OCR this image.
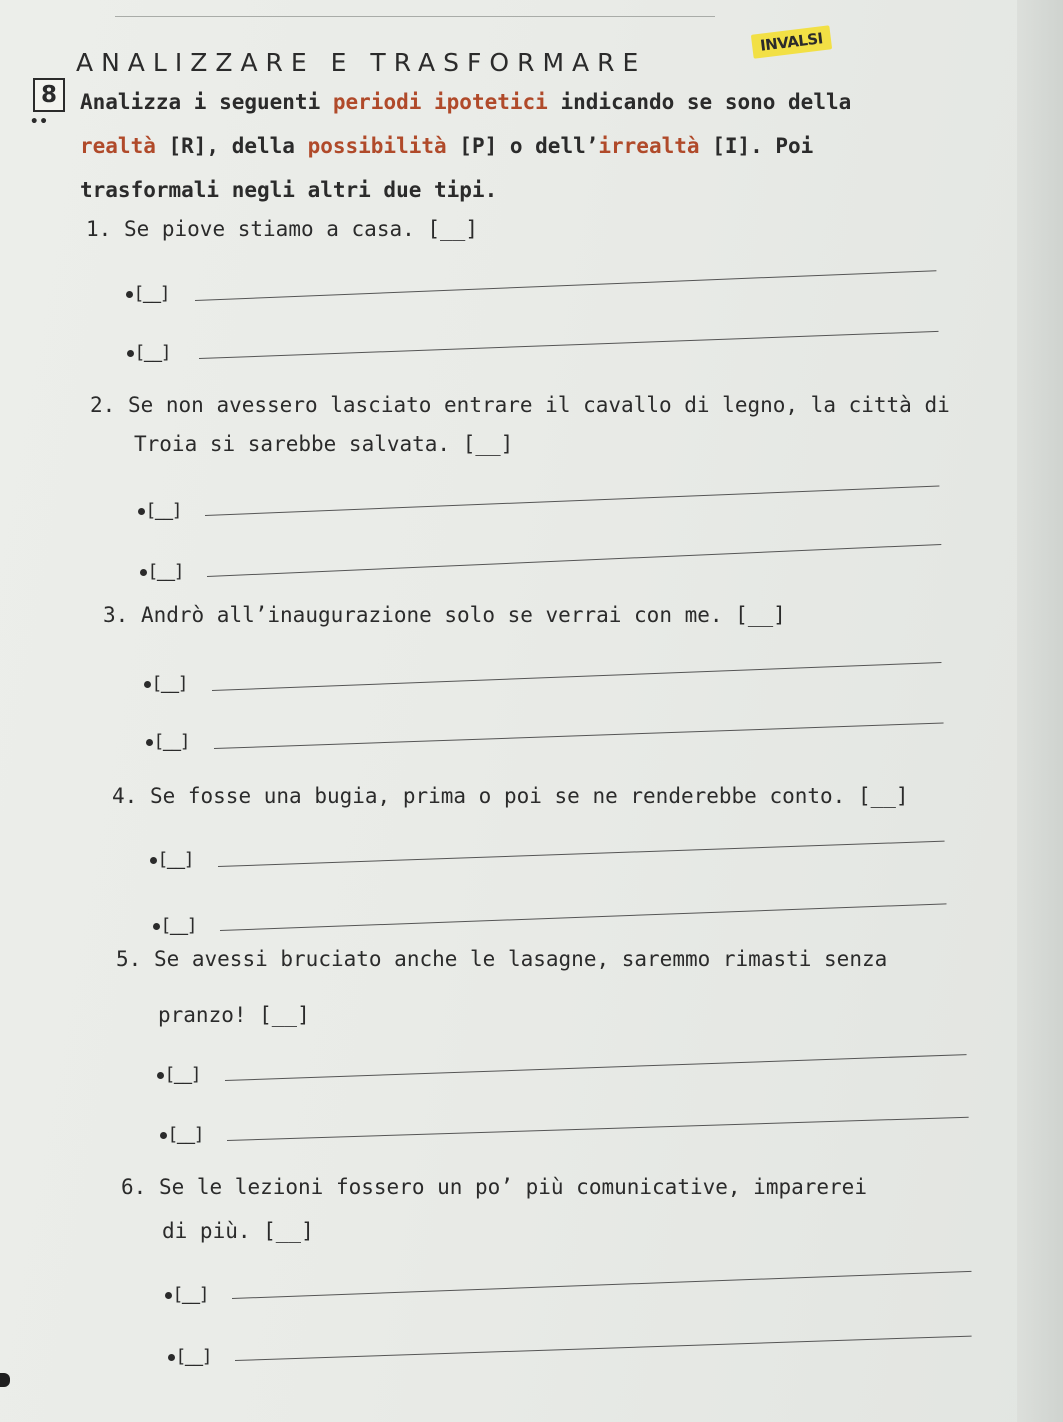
8
••
ANALIZZARE E TRASFORMARE
INVALSI
Analizza i seguenti periodi ipotetici indicando se sono della realtà [R], della possibilità [P] o dell’irrealtà [I]. Poi trasformali negli altri due tipi.
1. Se piove stiamo a casa. [__]
[__]
[__]
2. Se non avessero lasciato entrare il cavallo di legno, la città di
Troia si sarebbe salvata. [__]
[__]
[__]
3. Andrò all’inaugurazione solo se verrai con me. [__]
[__]
[__]
4. Se fosse una bugia, prima o poi se ne renderebbe conto. [__]
[__]
[__]
5. Se avessi bruciato anche le lasagne, saremmo rimasti senza
pranzo! [__]
[__]
[__]
6. Se le lezioni fossero un po’ più comunicative, imparerei
di più. [__]
[__]
[__]
